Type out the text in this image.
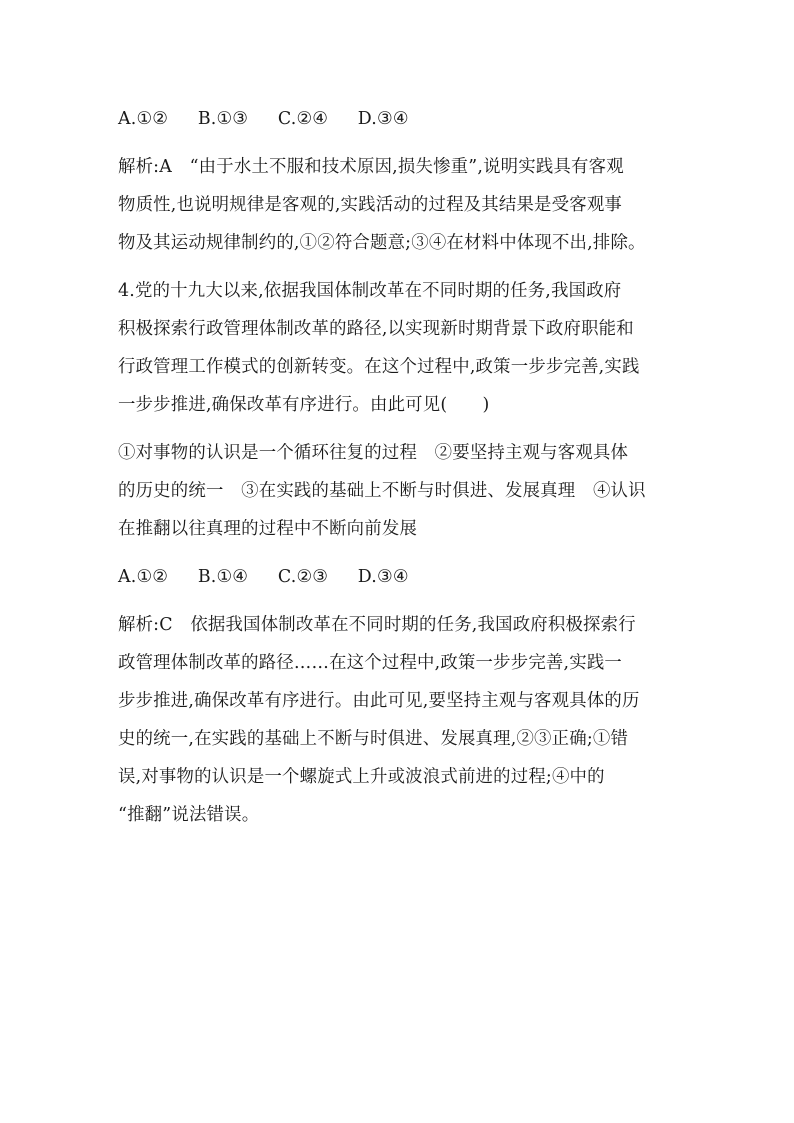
A.①② B.①③ C.②④ D.③④
解析:A　“由于水土不服和技术原因,损失惨重”,说明实践具有客观
物质性,也说明规律是客观的,实践活动的过程及其结果是受客观事
物及其运动规律制约的,①②符合题意;③④在材料中体现不出,排除。
4.党的十九大以来,依据我国体制改革在不同时期的任务,我国政府
积极探索行政管理体制改革的路径,以实现新时期背景下政府职能和
行政管理工作模式的创新转变。在这个过程中,政策一步步完善,实践
一步步推进,确保改革有序进行。由此可见(　　)
①对事物的认识是一个循环往复的过程　②要坚持主观与客观具体
的历史的统一　③在实践的基础上不断与时俱进、发展真理　④认识
在推翻以往真理的过程中不断向前发展
A.①② B.①④ C.②③ D.③④
解析:C　依据我国体制改革在不同时期的任务,我国政府积极探索行
政管理体制改革的路径……在这个过程中,政策一步步完善,实践一
步步推进,确保改革有序进行。由此可见,要坚持主观与客观具体的历
史的统一,在实践的基础上不断与时俱进、发展真理,②③正确;①错
误,对事物的认识是一个螺旋式上升或波浪式前进的过程;④中的
“推翻”说法错误。
